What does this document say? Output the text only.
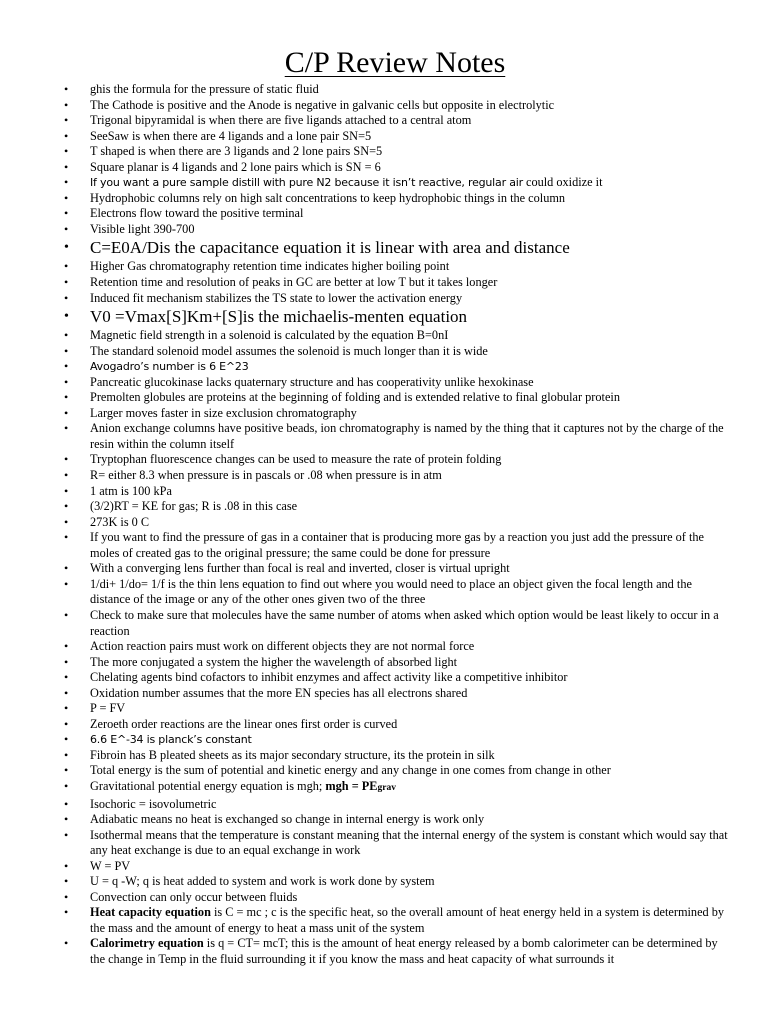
C/P Review Notes
• ghis the formula for the pressure of static fluid
• The Cathode is positive and the Anode is negative in galvanic cells but opposite in electrolytic
• Trigonal bipyramidal is when there are five ligands attached to a central atom
• SeeSaw is when there are 4 ligands and a lone pair SN=5
• T shaped is when there are 3 ligands and 2 lone pairs SN=5
• Square planar is 4 ligands and 2 lone pairs which is SN = 6
• If you want a pure sample distill with pure N2 because it isn’t reactive, regular air could oxidize it
• Hydrophobic columns rely on high salt concentrations to keep hydrophobic things in the column
• Electrons flow toward the positive terminal
• Visible light 390-700
• C=E0A/Dis the capacitance equation it is linear with area and distance
• Higher Gas chromatography retention time indicates higher boiling point
• Retention time and resolution of peaks in GC are better at low T but it takes longer
• Induced fit mechanism stabilizes the TS state to lower the activation energy
• V0 =Vmax[S]Km+[S]is the michaelis-menten equation
• Magnetic field strength in a solenoid is calculated by the equation B=0nI
• The standard solenoid model assumes the solenoid is much longer than it is wide
• Avogadro’s number is 6 E^23
• Pancreatic glucokinase lacks quaternary structure and has cooperativity unlike hexokinase
• Premolten globules are proteins at the beginning of folding and is extended relative to final globular protein
• Larger moves faster in size exclusion chromatography
• Anion exchange columns have positive beads, ion chromatography is named by the thing that it captures not by the charge of the resin within the column itself
• Tryptophan fluorescence changes can be used to measure the rate of protein folding
• R= either 8.3 when pressure is in pascals or .08 when pressure is in atm
• 1 atm is 100 kPa
• (3/2)RT = KE for gas; R is .08 in this case
• 273K is 0 C
• If you want to find the pressure of gas in a container that is producing more gas by a reaction you just add the pressure of the moles of created gas to the original pressure; the same could be done for pressure
• With a converging lens further than focal is real and inverted, closer is virtual upright
• 1/di+ 1/do= 1/f is the thin lens equation to find out where you would need to place an object given the focal length and the distance of the image or any of the other ones given two of the three
• Check to make sure that molecules have the same number of atoms when asked which option would be least likely to occur in a reaction
• Action reaction pairs must work on different objects they are not normal force
• The more conjugated a system the higher the wavelength of absorbed light
• Chelating agents bind cofactors to inhibit enzymes and affect activity like a competitive inhibitor
• Oxidation number assumes that the more EN species has all electrons shared
• P = FV
• Zeroeth order reactions are the linear ones first order is curved
• 6.6 E^-34 is planck’s constant
• Fibroin has B pleated sheets as its major secondary structure, its the protein in silk
• Total energy is the sum of potential and kinetic energy and any change in one comes from change in other
• Gravitational potential energy equation is mgh; mgh = PEgrav
• Isochoric = isovolumetric
• Adiabatic means no heat is exchanged so change in internal energy is work only
• Isothermal means that the temperature is constant meaning that the internal energy of the system is constant which would say that any heat exchange is due to an equal exchange in work
• W = PV
• U = q -W; q is heat added to system and work is work done by system
• Convection can only occur between fluids
• Heat capacity equation is C = mc ; c is the specific heat, so the overall amount of heat energy held in a system is determined by the mass and the amount of energy to heat a mass unit of the system
• Calorimetry equation is q = CT= mcT; this is the amount of heat energy released by a bomb calorimeter can be determined by the change in Temp in the fluid surrounding it if you know the mass and heat capacity of what surrounds it
